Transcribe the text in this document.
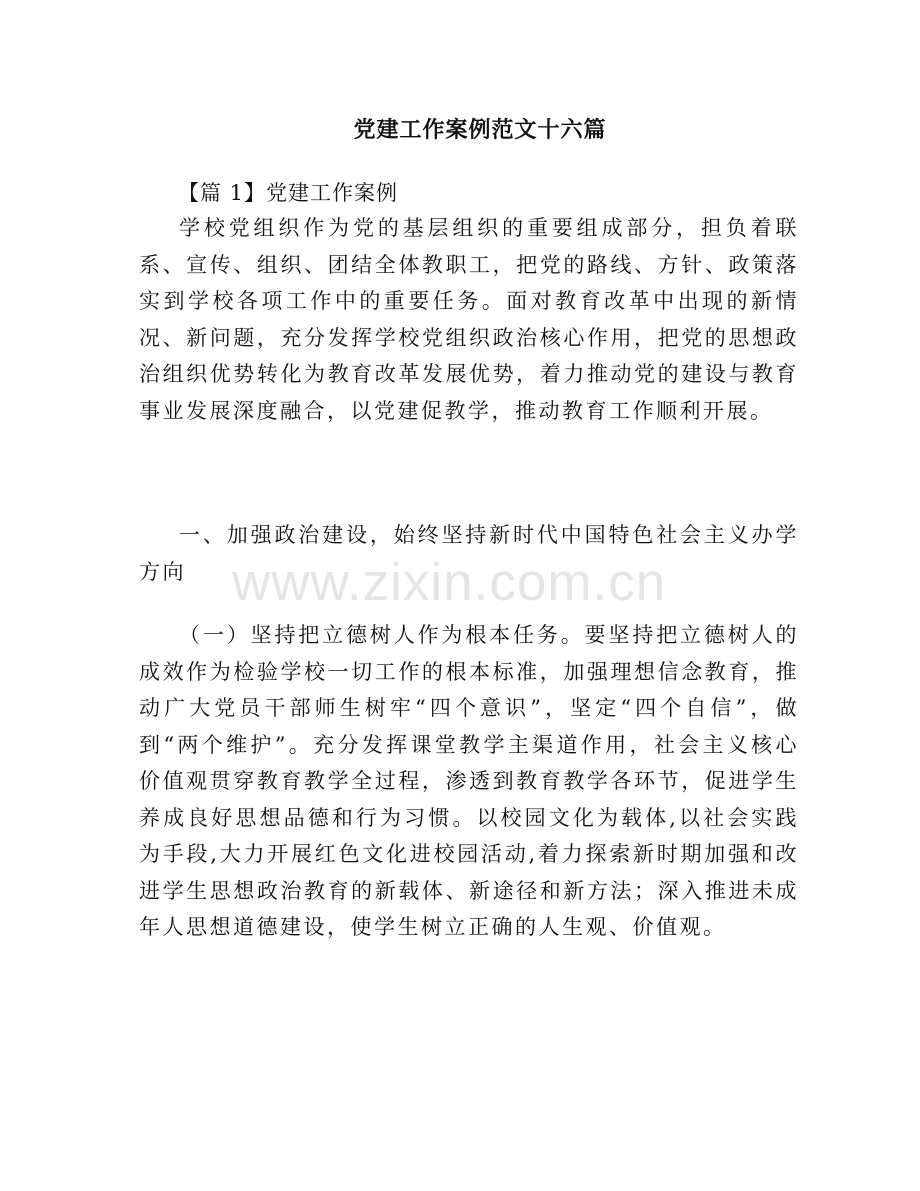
党建工作案例范文十六篇
【篇 1】党建工作案例

学校党组织作为党的基层组织的重要组成部分，担负着联系、宣传、组织、团结全体教职工，把党的路线、方针、政策落实到学校各项工作中的重要任务。面对教育改革中出现的新情况、新问题，充分发挥学校党组织政治核心作用，把党的思想政治组织优势转化为教育改革发展优势，着力推动党的建设与教育事业发展深度融合，以党建促教学，推动教育工作顺利开展。

一、加强政治建设，始终坚持新时代中国特色社会主义办学方向

（一）坚持把立德树人作为根本任务。要坚持把立德树人的成效作为检验学校一切工作的根本标准，加强理想信念教育，推动广大党员干部师生树牢“四个意识”，坚定“四个自信”，做到“两个维护”。充分发挥课堂教学主渠道作用，社会主义核心价值观贯穿教育教学全过程，渗透到教育教学各环节，促进学生养成良好思想品德和行为习惯。以校园文化为载体,以社会实践为手段,大力开展红色文化进校园活动,着力探索新时期加强和改进学生思想政治教育的新载体、新途径和新方法；深入推进未成年人思想道德建设，使学生树立正确的人生观、价值观。

www.zixin.com.cn
